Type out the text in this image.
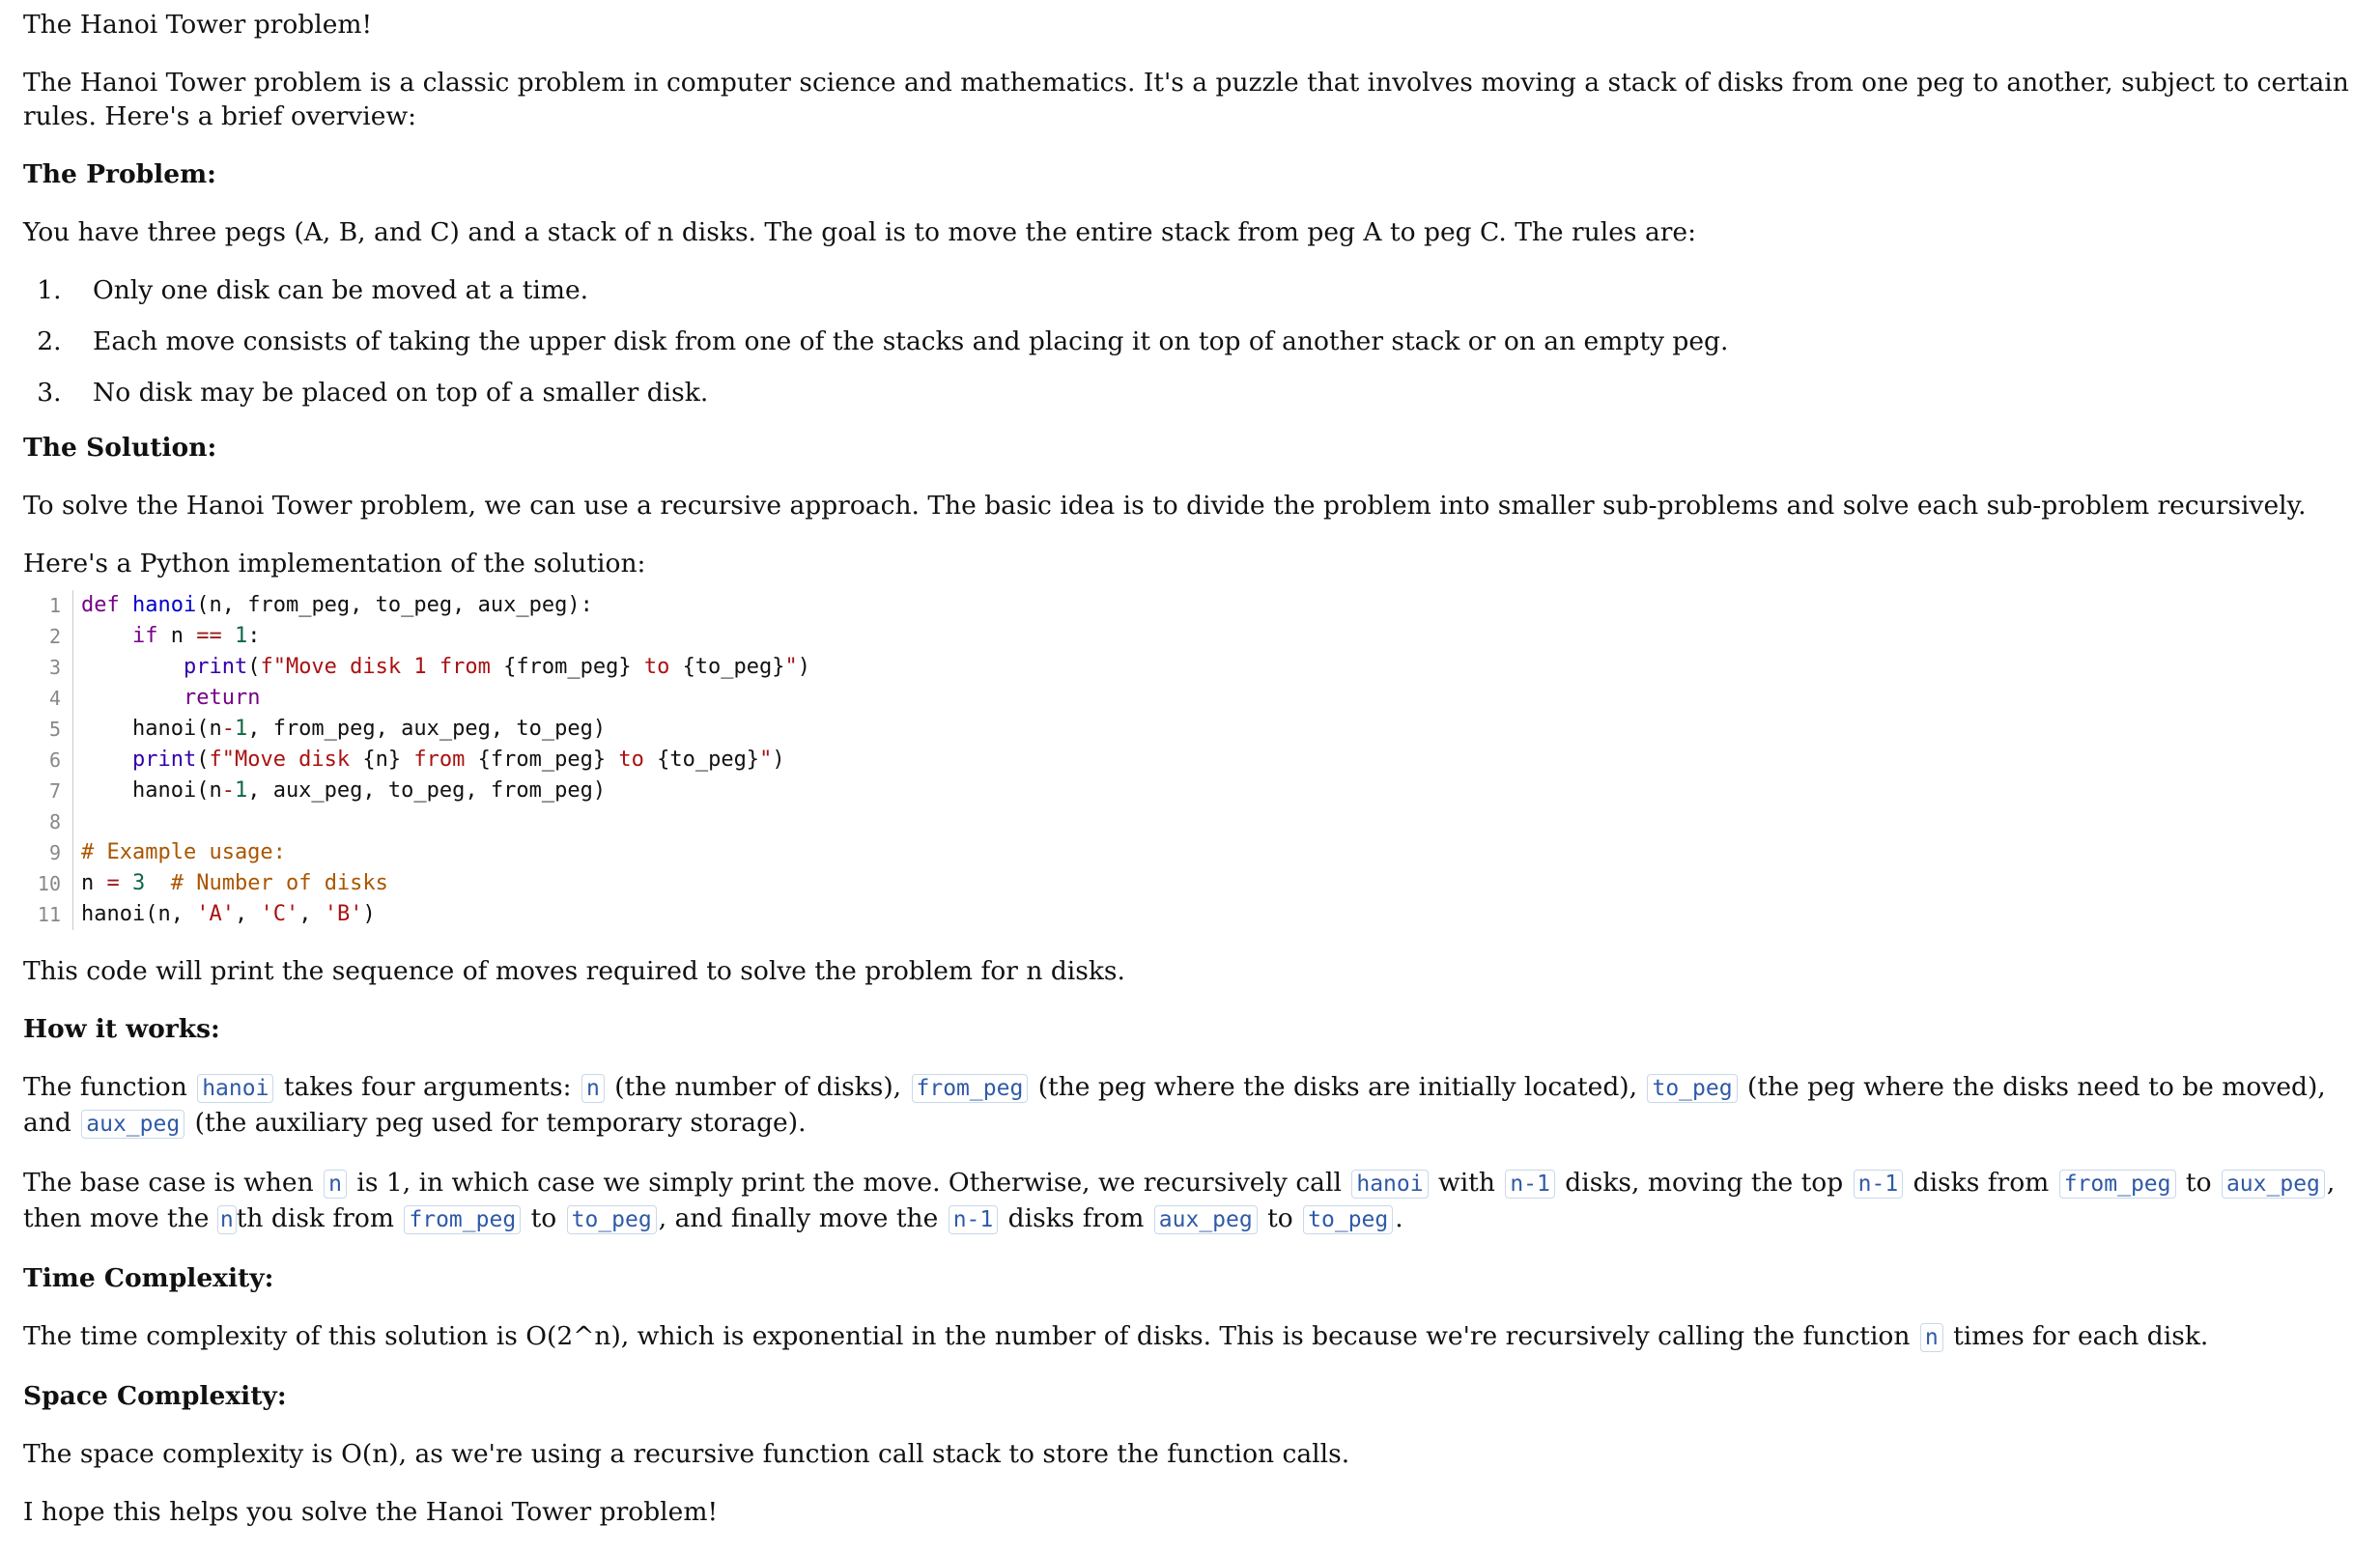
The Hanoi Tower problem!

The Hanoi Tower problem is a classic problem in computer science and mathematics. It's a puzzle that involves moving a stack of disks from one peg to another, subject to certain rules. Here's a brief overview:

The Problem:

You have three pegs (A, B, and C) and a stack of n disks. The goal is to move the entire stack from peg A to peg C. The rules are:

1. Only one disk can be moved at a time.
2. Each move consists of taking the upper disk from one of the stacks and placing it on top of another stack or on an empty peg.
3. No disk may be placed on top of a smaller disk.

The Solution:

To solve the Hanoi Tower problem, we can use a recursive approach. The basic idea is to divide the problem into smaller sub-problems and solve each sub-problem recursively.

Here's a Python implementation of the solution:

1
2
3
4
5
6
7
8
9
10
11
def hanoi(n, from_peg, to_peg, aux_peg):
if n == 1:
print(f"Move disk 1 from {from_peg} to {to_peg}")
return
hanoi(n-1, from_peg, aux_peg, to_peg)
print(f"Move disk {n} from {from_peg} to {to_peg}")
hanoi(n-1, aux_peg, to_peg, from_peg)
# Example usage:
n = 3 # Number of disks
hanoi(n, 'A', 'C', 'B')

This code will print the sequence of moves required to solve the problem for n disks.

How it works:

The function hanoi takes four arguments: n (the number of disks), from_peg (the peg where the disks are initially located), to_peg (the peg where the disks need to be moved), and aux_peg (the auxiliary peg used for temporary storage).

The base case is when n is 1, in which case we simply print the move. Otherwise, we recursively call hanoi with n-1 disks, moving the top n-1 disks from from_peg to aux_peg , then move the n th disk from from_peg to to_peg , and finally move the n-1 disks from aux_peg to to_peg .

Time Complexity:

The time complexity of this solution is O(2^n), which is exponential in the number of disks. This is because we're recursively calling the function n times for each disk.

Space Complexity:

The space complexity is O(n), as we're using a recursive function call stack to store the function calls.

I hope this helps you solve the Hanoi Tower problem!
